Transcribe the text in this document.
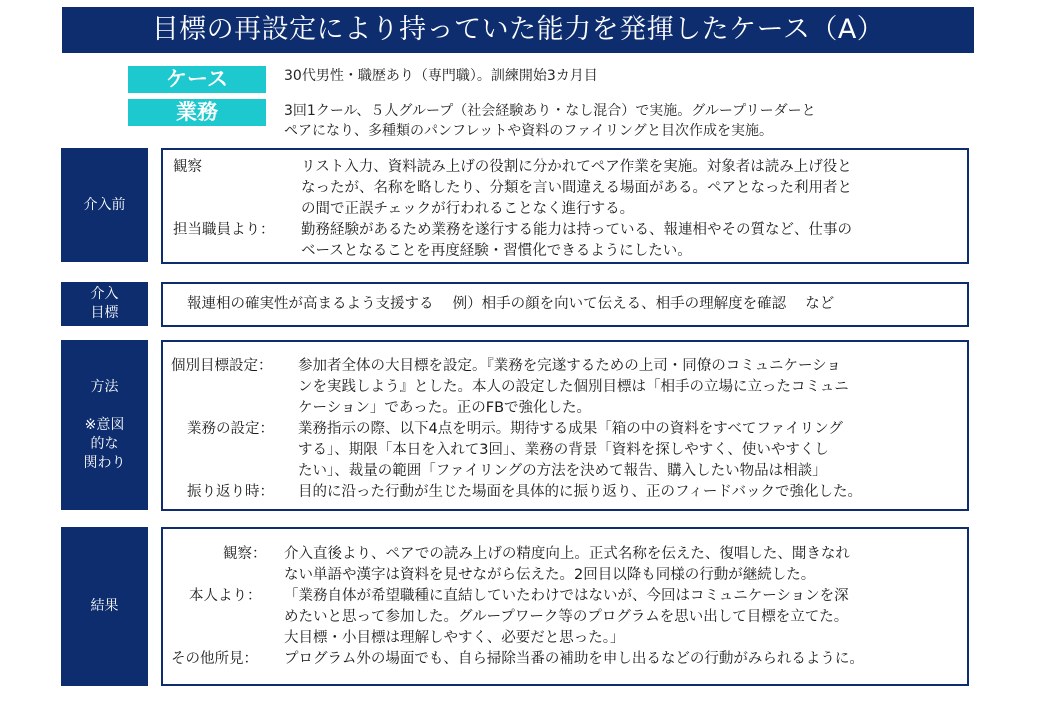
目標の再設定により持っていた能力を発揮したケース（A）
ケース	30代男性・職歴あり（専門職）。訓練開始3カ月目
業務	3回1クール、５人グループ（社会経験あり・なし混合）で実施。グループリーダーと
ペアになり、多種類のパンフレットや資料のファイリングと目次作成を実施。
介入前
観察	リスト入力、資料読み上げの役割に分かれてペア作業を実施。対象者は読み上げ役と
なったが、名称を略したり、分類を言い間違える場面がある。ペアとなった利用者と
の間で正誤チェックが行われることなく進行する。
担当職員より： 勤務経験があるため業務を遂行する能力は持っている、報連相やその質など、仕事の
ベースとなることを再度経験・習慣化できるようにしたい。
介入
目標
報連相の確実性が高まるよう支援する　 例）相手の顔を向いて伝える、相手の理解度を確認　 など
方法
※意図
的な
関わり
個別目標設定： 参加者全体の大目標を設定。『業務を完遂するための上司・同僚のコミュニケーショ
ンを実践しよう』とした。本人の設定した個別目標は「相手の立場に立ったコミュニ
ケーション」であった。正のFBで強化した。
業務の設定： 業務指示の際、以下4点を明示。期待する成果「箱の中の資料をすべてファイリング
する」、期限「本日を入れて3回」、業務の背景「資料を探しやすく、使いやすくし
たい」、裁量の範囲「ファイリングの方法を決めて報告、購入したい物品は相談」
振り返り時： 目的に沿った行動が生じた場面を具体的に振り返り、正のフィードバックで強化した。
結果
観察： 介入直後より、ペアでの読み上げの精度向上。正式名称を伝えた、復唱した、聞きなれ
ない単語や漢字は資料を見せながら伝えた。2回目以降も同様の行動が継続した。
本人より： 「業務自体が希望職種に直結していたわけではないが、今回はコミュニケーションを深
めたいと思って参加した。グループワーク等のプログラムを思い出して目標を立てた。
大目標・小目標は理解しやすく、必要だと思った。」
その他所見： プログラム外の場面でも、自ら掃除当番の補助を申し出るなどの行動がみられるように。
